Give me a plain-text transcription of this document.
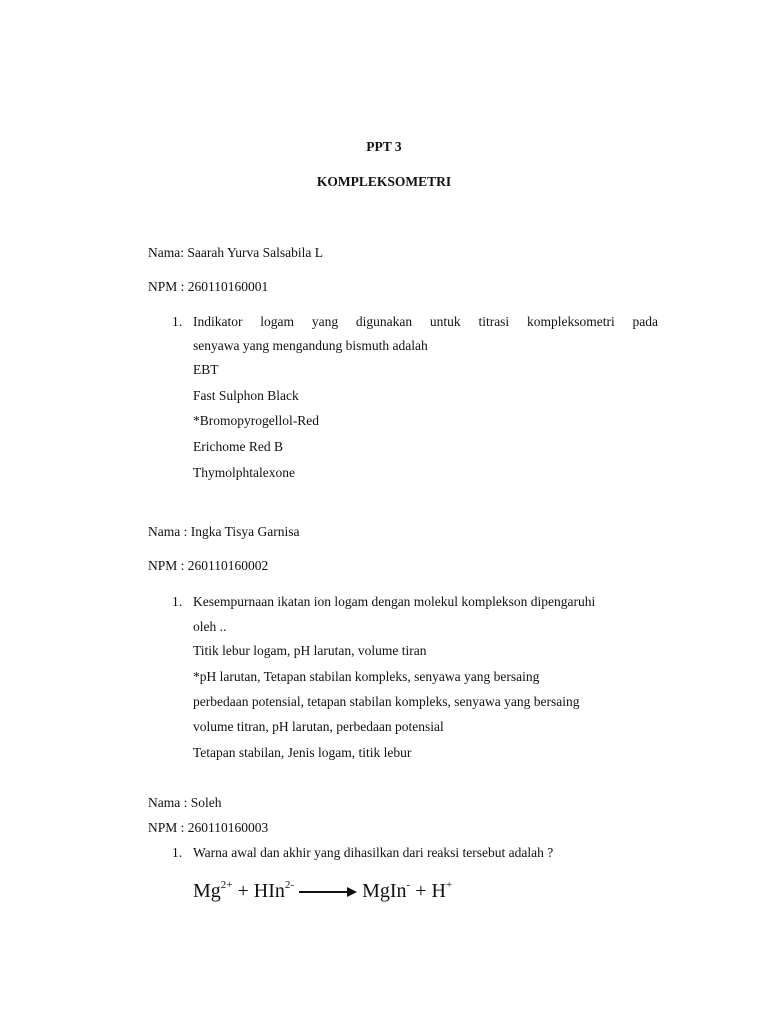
PPT 3
KOMPLEKSOMETRI
Nama: Saarah Yurva Salsabila L
NPM : 260110160001
1. Indikator logam yang digunakan untuk titrasi kompleksometri pada
senyawa yang mengandung bismuth adalah
EBT
Fast Sulphon Black
*Bromopyrogellol-Red
Erichome Red B
Thymolphtalexone
Nama : Ingka Tisya Garnisa
NPM : 260110160002
1. Kesempurnaan ikatan ion logam dengan molekul komplekson dipengaruhi
oleh ..
Titik lebur logam, pH larutan, volume tiran
*pH larutan, Tetapan stabilan kompleks, senyawa yang bersaing
perbedaan potensial, tetapan stabilan kompleks, senyawa yang bersaing
volume titran, pH larutan, perbedaan potensial
Tetapan stabilan, Jenis logam, titik lebur
Nama : Soleh
NPM : 260110160003
1. Warna awal dan akhir yang dihasilkan dari reaksi tersebut adalah ?
$Mg^{2+} + HIn^{2-}$ → MgIn- + H+
